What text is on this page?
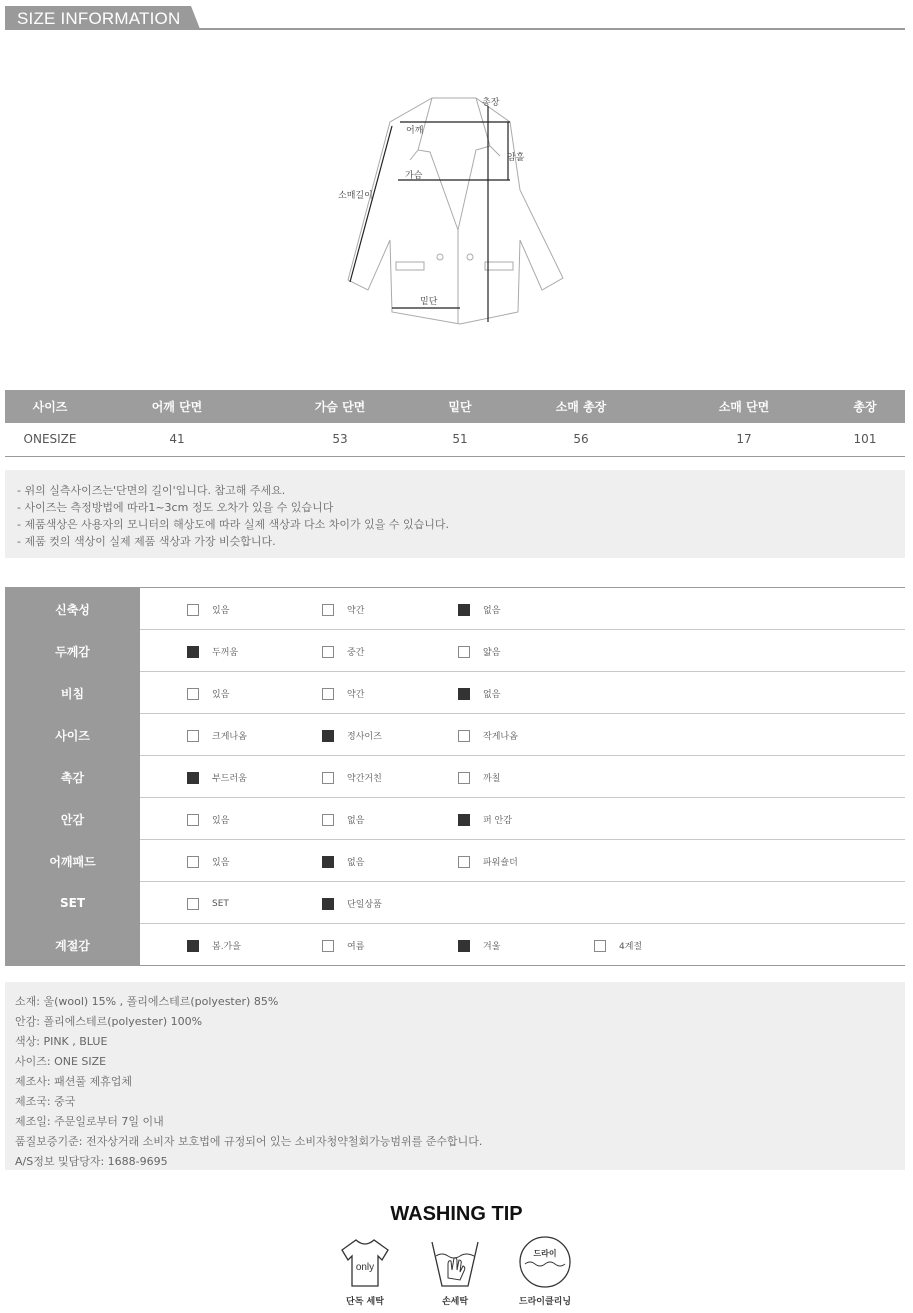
SIZE INFORMATION
총장
어깨
암홀
가슴
소매길이
밑단
사이즈	어깨 단면	가슴 단면	밑단	소매 총장	소매 단면	총장
ONESIZE	41	53	51	56	17	101

- 위의 실측사이즈는'단면의 길이'입니다. 참고해 주세요.

- 사이즈는 측정방법에 따라1~3cm 정도 오차가 있을 수 있습니다

- 제품색상은 사용자의 모니터의 해상도에 따라 실제 색상과 다소 차이가 있을 수 있습니다.

- 제품 컷의 색상이 실제 제품 색상과 가장 비슷합니다.

신축성	있음	약간	없음
두께감	두꺼움	중간	얇음
비침	있음	약간	없음
사이즈	크게나옴	정사이즈	작게나옴
촉감	부드러움	약간거친	까칠
안감	있음	없음	퍼 안감
어깨패드	있음	없음	파워숄더
SET	SET	단일상품
계절감	봄.가을	여름	겨울	4계절

소재: 울(wool) 15% , 폴리에스테르(polyester) 85%

안감: 폴리에스테르(polyester) 100%

색상: PINK , BLUE

사이즈: ONE SIZE

제조사: 패션풀 제휴업체

제조국: 중국

제조일: 주문일로부터 7일 이내

품질보증기준: 전자상거래 소비자 보호법에 규정되어 있는 소비자청약철회가능범위를 준수합니다.

A/S정보 및담당자: 1688-9695

WASHING TIP
only
단독 세탁	손세탁
드라이
드라이클리닝
